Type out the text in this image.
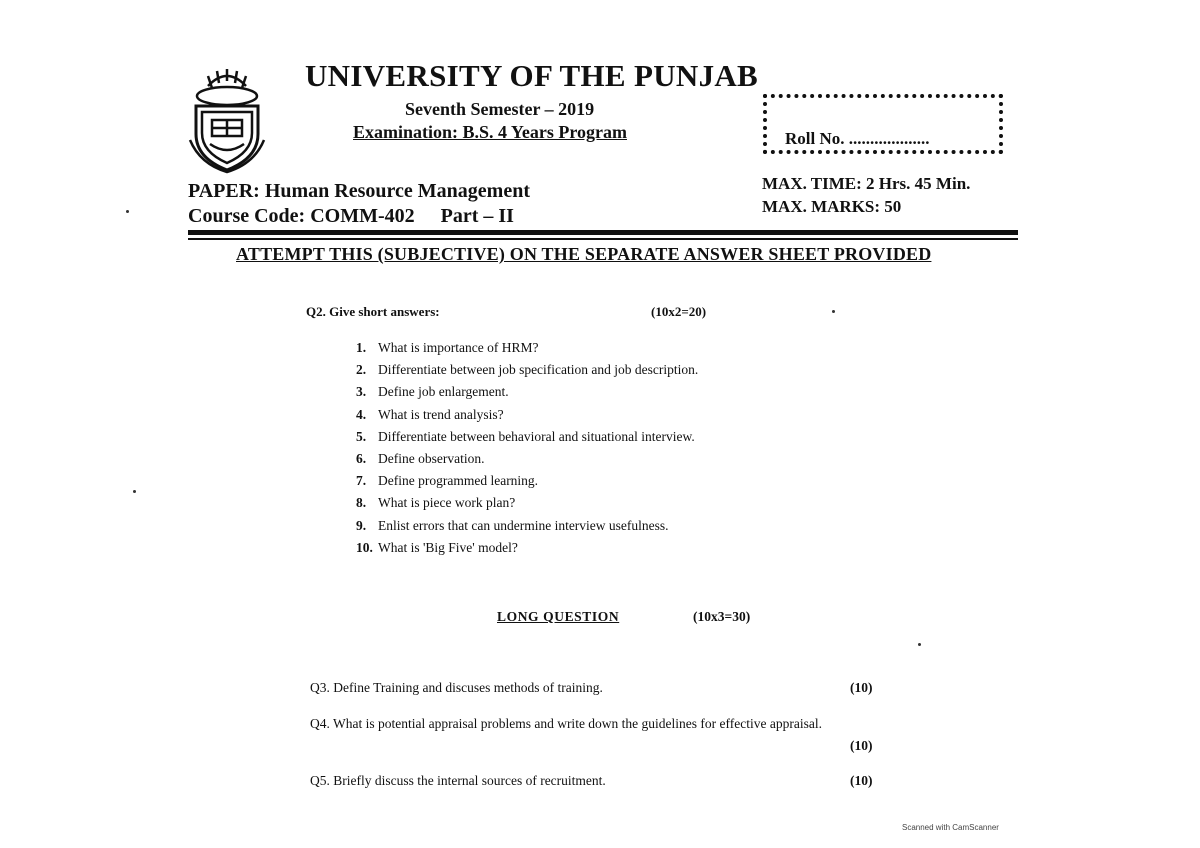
UNIVERSITY OF THE PUNJAB
Seventh Semester – 2019
Examination: B.S. 4 Years Program	Roll No. ...................
PAPER: Human Resource Management
Course Code: COMM-402 Part – II
MAX. TIME: 2 Hrs. 45 Min.
MAX. MARKS: 50
ATTEMPT THIS (SUBJECTIVE) ON THE SEPARATE ANSWER SHEET PROVIDED
Q2. Give short answers:	(10x2=20)
1. What is importance of HRM?
2. Differentiate between job specification and job description.
3. Define job enlargement.
4. What is trend analysis?
5. Differentiate between behavioral and situational interview.
6. Define observation.
7. Define programmed learning.
8. What is piece work plan?
9. Enlist errors that can undermine interview usefulness.
10. What is 'Big Five' model?
LONG QUESTION	(10x3=30)
Q3. Define Training and discuses methods of training.	(10)
Q4. What is potential appraisal problems and write down the guidelines for effective appraisal.
(10)
Q5. Briefly discuss the internal sources of recruitment.	(10)
Scanned with CamScanner
